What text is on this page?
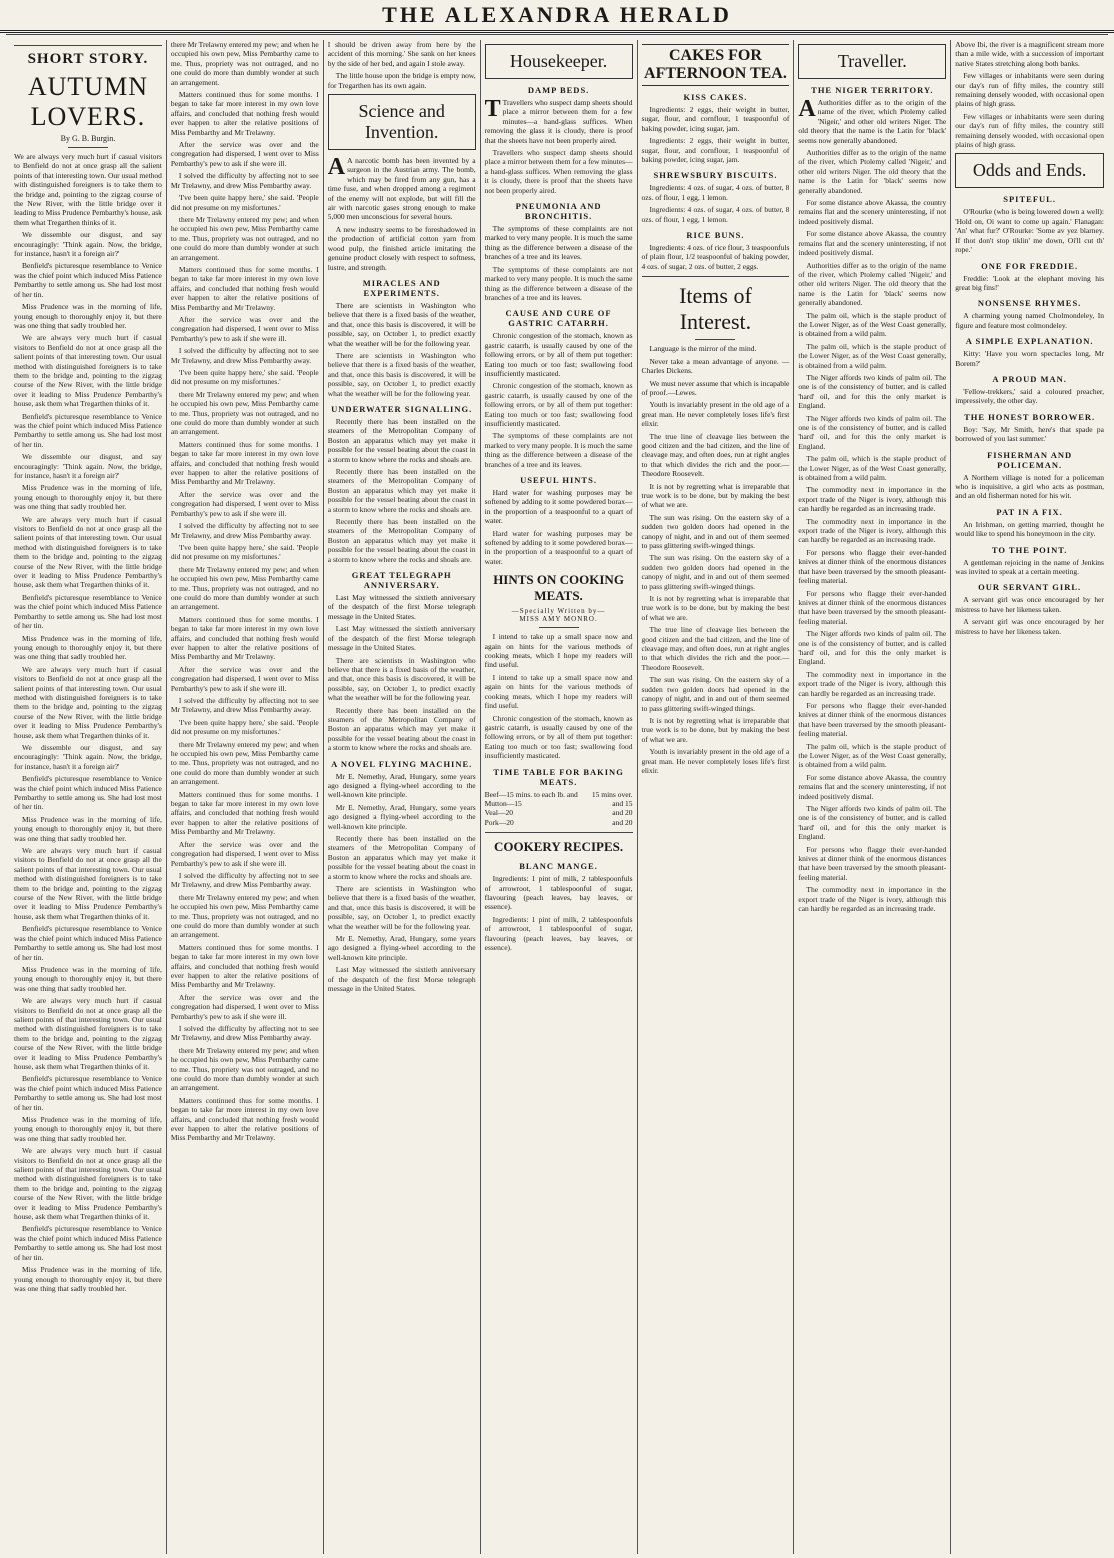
THE ALEXANDRA HERALD
SHORT STORY.
AUTUMN LOVERS.
By G. B. Burgin.

We are always very much hurt if casual visitors to Benfield do not at once grasp all the salient points of that interesting town. Our usual method with distinguished foreigners is to take them to the bridge and, pointing to the zigzag course of the New River, with the little bridge over it leading to Miss Prudence Pembarthy's house, ask them what Tregarthen thinks of it.

We dissemble our disgust, and say encouragingly: 'Think again. Now, the bridge, for instance, hasn't it a foreign air?'

Benfield's picturesque resemblance to Venice was the chief point which induced Miss Patience Pembarthy to settle among us. She had lost most of her tin.

Miss Prudence was in the morning of life, young enough to thoroughly enjoy it, but there was one thing that sadly troubled her.

We are always very much hurt if casual visitors to Benfield do not at once grasp all the salient points of that interesting town. Our usual method with distinguished foreigners is to take them to the bridge and, pointing to the zigzag course of the New River, with the little bridge over it leading to Miss Prudence Pembarthy's house, ask them what Tregarthen thinks of it.

Benfield's picturesque resemblance to Venice was the chief point which induced Miss Patience Pembarthy to settle among us. She had lost most of her tin.

We dissemble our disgust, and say encouragingly: 'Think again. Now, the bridge, for instance, hasn't it a foreign air?'

Miss Prudence was in the morning of life, young enough to thoroughly enjoy it, but there was one thing that sadly troubled her.

We are always very much hurt if casual visitors to Benfield do not at once grasp all the salient points of that interesting town. Our usual method with distinguished foreigners is to take them to the bridge and, pointing to the zigzag course of the New River, with the little bridge over it leading to Miss Prudence Pembarthy's house, ask them what Tregarthen thinks of it.

Benfield's picturesque resemblance to Venice was the chief point which induced Miss Patience Pembarthy to settle among us. She had lost most of her tin.

Miss Prudence was in the morning of life, young enough to thoroughly enjoy it, but there was one thing that sadly troubled her.

We are always very much hurt if casual visitors to Benfield do not at once grasp all the salient points of that interesting town. Our usual method with distinguished foreigners is to take them to the bridge and, pointing to the zigzag course of the New River, with the little bridge over it leading to Miss Prudence Pembarthy's house, ask them what Tregarthen thinks of it.

We dissemble our disgust, and say encouragingly: 'Think again. Now, the bridge, for instance, hasn't it a foreign air?'

Benfield's picturesque resemblance to Venice was the chief point which induced Miss Patience Pembarthy to settle among us. She had lost most of her tin.

Miss Prudence was in the morning of life, young enough to thoroughly enjoy it, but there was one thing that sadly troubled her.

We are always very much hurt if casual visitors to Benfield do not at once grasp all the salient points of that interesting town. Our usual method with distinguished foreigners is to take them to the bridge and, pointing to the zigzag course of the New River, with the little bridge over it leading to Miss Prudence Pembarthy's house, ask them what Tregarthen thinks of it.

Benfield's picturesque resemblance to Venice was the chief point which induced Miss Patience Pembarthy to settle among us. She had lost most of her tin.

Miss Prudence was in the morning of life, young enough to thoroughly enjoy it, but there was one thing that sadly troubled her.

We are always very much hurt if casual visitors to Benfield do not at once grasp all the salient points of that interesting town. Our usual method with distinguished foreigners is to take them to the bridge and, pointing to the zigzag course of the New River, with the little bridge over it leading to Miss Prudence Pembarthy's house, ask them what Tregarthen thinks of it.

Benfield's picturesque resemblance to Venice was the chief point which induced Miss Patience Pembarthy to settle among us. She had lost most of her tin.

Miss Prudence was in the morning of life, young enough to thoroughly enjoy it, but there was one thing that sadly troubled her.

We are always very much hurt if casual visitors to Benfield do not at once grasp all the salient points of that interesting town. Our usual method with distinguished foreigners is to take them to the bridge and, pointing to the zigzag course of the New River, with the little bridge over it leading to Miss Prudence Pembarthy's house, ask them what Tregarthen thinks of it.

Benfield's picturesque resemblance to Venice was the chief point which induced Miss Patience Pembarthy to settle among us. She had lost most of her tin.

Miss Prudence was in the morning of life, young enough to thoroughly enjoy it, but there was one thing that sadly troubled her.

there Mr Trelawny entered my pew; and when he occupied his own pew, Miss Pembarthy came to me. Thus, propriety was not outraged, and no one could do more than dumbly wonder at such an arrangement.

Matters continued thus for some months. I began to take far more interest in my own love affairs, and concluded that nothing fresh would ever happen to alter the relative positions of Miss Pembarthy and Mr Trelawny.

After the service was over and the congregation had dispersed, I went over to Miss Pembarthy's pew to ask if she were ill.

I solved the difficulty by affecting not to see Mr Trelawny, and drew Miss Pembarthy away.

'I've been quite happy here,' she said. 'People did not presume on my misfortunes.'

there Mr Trelawny entered my pew; and when he occupied his own pew, Miss Pembarthy came to me. Thus, propriety was not outraged, and no one could do more than dumbly wonder at such an arrangement.

Matters continued thus for some months. I began to take far more interest in my own love affairs, and concluded that nothing fresh would ever happen to alter the relative positions of Miss Pembarthy and Mr Trelawny.

After the service was over and the congregation had dispersed, I went over to Miss Pembarthy's pew to ask if she were ill.

I solved the difficulty by affecting not to see Mr Trelawny, and drew Miss Pembarthy away.

'I've been quite happy here,' she said. 'People did not presume on my misfortunes.'

there Mr Trelawny entered my pew; and when he occupied his own pew, Miss Pembarthy came to me. Thus, propriety was not outraged, and no one could do more than dumbly wonder at such an arrangement.

Matters continued thus for some months. I began to take far more interest in my own love affairs, and concluded that nothing fresh would ever happen to alter the relative positions of Miss Pembarthy and Mr Trelawny.

After the service was over and the congregation had dispersed, I went over to Miss Pembarthy's pew to ask if she were ill.

I solved the difficulty by affecting not to see Mr Trelawny, and drew Miss Pembarthy away.

'I've been quite happy here,' she said. 'People did not presume on my misfortunes.'

there Mr Trelawny entered my pew; and when he occupied his own pew, Miss Pembarthy came to me. Thus, propriety was not outraged, and no one could do more than dumbly wonder at such an arrangement.

Matters continued thus for some months. I began to take far more interest in my own love affairs, and concluded that nothing fresh would ever happen to alter the relative positions of Miss Pembarthy and Mr Trelawny.

After the service was over and the congregation had dispersed, I went over to Miss Pembarthy's pew to ask if she were ill.

I solved the difficulty by affecting not to see Mr Trelawny, and drew Miss Pembarthy away.

'I've been quite happy here,' she said. 'People did not presume on my misfortunes.'

there Mr Trelawny entered my pew; and when he occupied his own pew, Miss Pembarthy came to me. Thus, propriety was not outraged, and no one could do more than dumbly wonder at such an arrangement.

Matters continued thus for some months. I began to take far more interest in my own love affairs, and concluded that nothing fresh would ever happen to alter the relative positions of Miss Pembarthy and Mr Trelawny.

After the service was over and the congregation had dispersed, I went over to Miss Pembarthy's pew to ask if she were ill.

I solved the difficulty by affecting not to see Mr Trelawny, and drew Miss Pembarthy away.

there Mr Trelawny entered my pew; and when he occupied his own pew, Miss Pembarthy came to me. Thus, propriety was not outraged, and no one could do more than dumbly wonder at such an arrangement.

Matters continued thus for some months. I began to take far more interest in my own love affairs, and concluded that nothing fresh would ever happen to alter the relative positions of Miss Pembarthy and Mr Trelawny.

After the service was over and the congregation had dispersed, I went over to Miss Pembarthy's pew to ask if she were ill.

I solved the difficulty by affecting not to see Mr Trelawny, and drew Miss Pembarthy away.

there Mr Trelawny entered my pew; and when he occupied his own pew, Miss Pembarthy came to me. Thus, propriety was not outraged, and no one could do more than dumbly wonder at such an arrangement.

Matters continued thus for some months. I began to take far more interest in my own love affairs, and concluded that nothing fresh would ever happen to alter the relative positions of Miss Pembarthy and Mr Trelawny.

I should be driven away from here by the accident of this morning.' She sank on her knees by the side of her bed, and again I stole away.

The little house upon the bridge is empty now, for Tregarthen has its own again.

Science and Invention.

A A narcotic bomb has been invented by a surgeon in the Austrian army. The bomb, which may be fired from any gun, has a time fuse, and when dropped among a regiment of the enemy will not explode, but will fill the air with narcotic gases strong enough to make 5,000 men unconscious for several hours.

A new industry seems to be foreshadowed in the production of artificial cotton yarn from wood pulp, the finished article imitating the genuine product closely with respect to softness, lustre, and strength.

MIRACLES AND EXPERIMENTS.

There are scientists in Washington who believe that there is a fixed basis of the weather, and that, once this basis is discovered, it will be possible, say, on October 1, to predict exactly what the weather will be for the following year.

There are scientists in Washington who believe that there is a fixed basis of the weather, and that, once this basis is discovered, it will be possible, say, on October 1, to predict exactly what the weather will be for the following year.

UNDERWATER SIGNALLING.

Recently there has been installed on the steamers of the Metropolitan Company of Boston an apparatus which may yet make it possible for the vessel beating about the coast in a storm to know where the rocks and shoals are.

Recently there has been installed on the steamers of the Metropolitan Company of Boston an apparatus which may yet make it possible for the vessel beating about the coast in a storm to know where the rocks and shoals are.

Recently there has been installed on the steamers of the Metropolitan Company of Boston an apparatus which may yet make it possible for the vessel beating about the coast in a storm to know where the rocks and shoals are.

GREAT TELEGRAPH ANNIVERSARY.

Last May witnessed the sixtieth anniversary of the despatch of the first Morse telegraph message in the United States.

Last May witnessed the sixtieth anniversary of the despatch of the first Morse telegraph message in the United States.

There are scientists in Washington who believe that there is a fixed basis of the weather, and that, once this basis is discovered, it will be possible, say, on October 1, to predict exactly what the weather will be for the following year.

Recently there has been installed on the steamers of the Metropolitan Company of Boston an apparatus which may yet make it possible for the vessel beating about the coast in a storm to know where the rocks and shoals are.

A NOVEL FLYING MACHINE.

Mr E. Nemethy, Arad, Hungary, some years ago designed a flying-wheel according to the well-known kite principle.

Mr E. Nemethy, Arad, Hungary, some years ago designed a flying-wheel according to the well-known kite principle.

Recently there has been installed on the steamers of the Metropolitan Company of Boston an apparatus which may yet make it possible for the vessel beating about the coast in a storm to know where the rocks and shoals are.

There are scientists in Washington who believe that there is a fixed basis of the weather, and that, once this basis is discovered, it will be possible, say, on October 1, to predict exactly what the weather will be for the following year.

Mr E. Nemethy, Arad, Hungary, some years ago designed a flying-wheel according to the well-known kite principle.

Last May witnessed the sixtieth anniversary of the despatch of the first Morse telegraph message in the United States.

Housekeeper.
DAMP BEDS.

T Travellers who suspect damp sheets should place a mirror between them for a few minutes—a hand-glass suffices. When removing the glass it is cloudy, there is proof that the sheets have not been properly aired.

Travellers who suspect damp sheets should place a mirror between them for a few minutes—a hand-glass suffices. When removing the glass it is cloudy, there is proof that the sheets have not been properly aired.

PNEUMONIA AND BRONCHITIS.

The symptoms of these complaints are not marked to very many people. It is much the same thing as the difference between a disease of the branches of a tree and its leaves.

The symptoms of these complaints are not marked to very many people. It is much the same thing as the difference between a disease of the branches of a tree and its leaves.

CAUSE AND CURE OF GASTRIC CATARRH.

Chronic congestion of the stomach, known as gastric catarrh, is usually caused by one of the following errors, or by all of them put together: Eating too much or too fast; swallowing food insufficiently masticated.

Chronic congestion of the stomach, known as gastric catarrh, is usually caused by one of the following errors, or by all of them put together: Eating too much or too fast; swallowing food insufficiently masticated.

The symptoms of these complaints are not marked to very many people. It is much the same thing as the difference between a disease of the branches of a tree and its leaves.

USEFUL HINTS.

Hard water for washing purposes may be softened by adding to it some powdered borax—in the proportion of a teaspoonful to a quart of water.

Hard water for washing purposes may be softened by adding to it some powdered borax—in the proportion of a teaspoonful to a quart of water.

HINTS ON COOKING MEATS.
—Specially Written by—
MISS AMY MONRO.

I intend to take up a small space now and again on hints for the various methods of cooking meats, which I hope my readers will find useful.

I intend to take up a small space now and again on hints for the various methods of cooking meats, which I hope my readers will find useful.

Chronic congestion of the stomach, known as gastric catarrh, is usually caused by one of the following errors, or by all of them put together: Eating too much or too fast; swallowing food insufficiently masticated.

TIME TABLE FOR BAKING MEATS.
Beef—15 mins. to each lb. and 15 mins over.
Mutton—15	and 15
Veal—20	and 20
Pork—20	and 20
COOKERY RECIPES.
BLANC MANGE.

Ingredients: 1 pint of milk, 2 tablespoonfuls of arrowroot, 1 tablespoonful of sugar, flavouring (peach leaves, bay leaves, or essence).

Ingredients: 1 pint of milk, 2 tablespoonfuls of arrowroot, 1 tablespoonful of sugar, flavouring (peach leaves, bay leaves, or essence).

CAKES FOR AFTERNOON TEA.
KISS CAKES.

Ingredients: 2 eggs, their weight in butter, sugar, flour, and cornflour, 1 teaspoonful of baking powder, icing sugar, jam.

Ingredients: 2 eggs, their weight in butter, sugar, flour, and cornflour, 1 teaspoonful of baking powder, icing sugar, jam.

SHREWSBURY BISCUITS.

Ingredients: 4 ozs. of sugar, 4 ozs. of butter, 8 ozs. of flour, 1 egg, 1 lemon.

Ingredients: 4 ozs. of sugar, 4 ozs. of butter, 8 ozs. of flour, 1 egg, 1 lemon.

RICE BUNS.

Ingredients: 4 ozs. of rice flour, 3 teaspoonfuls of plain flour, 1/2 teaspoonful of baking powder, 4 ozs. of sugar, 2 ozs. of butter, 2 eggs.

Items of Interest.

Language is the mirror of the mind.

Never take a mean advantage of anyone. —Charles Dickens.

We must never assume that which is incapable of proof.—Lewes.

Youth is invariably present in the old age of a great man. He never completely loses life's first elixir.

The true line of cleavage lies between the good citizen and the bad citizen, and the line of cleavage may, and often does, run at right angles to that which divides the rich and the poor.—Theodore Roosevelt.

It is not by regretting what is irreparable that true work is to be done, but by making the best of what we are.

The sun was rising. On the eastern sky of a sudden two golden doors had opened in the canopy of night, and in and out of them seemed to pass glittering swift-winged things.

The sun was rising. On the eastern sky of a sudden two golden doors had opened in the canopy of night, and in and out of them seemed to pass glittering swift-winged things.

It is not by regretting what is irreparable that true work is to be done, but by making the best of what we are.

The true line of cleavage lies between the good citizen and the bad citizen, and the line of cleavage may, and often does, run at right angles to that which divides the rich and the poor.—Theodore Roosevelt.

The sun was rising. On the eastern sky of a sudden two golden doors had opened in the canopy of night, and in and out of them seemed to pass glittering swift-winged things.

It is not by regretting what is irreparable that true work is to be done, but by making the best of what we are.

Youth is invariably present in the old age of a great man. He never completely loses life's first elixir.

Traveller.
THE NIGER TERRITORY.

A Authorities differ as to the origin of the name of the river, which Ptolemy called 'Nigeir,' and other old writers Niger. The old theory that the name is the Latin for 'black' seems now generally abandoned.

Authorities differ as to the origin of the name of the river, which Ptolemy called 'Nigeir,' and other old writers Niger. The old theory that the name is the Latin for 'black' seems now generally abandoned.

For some distance above Akassa, the country remains flat and the scenery uninteresting, if not indeed positively dismal.

For some distance above Akassa, the country remains flat and the scenery uninteresting, if not indeed positively dismal.

Authorities differ as to the origin of the name of the river, which Ptolemy called 'Nigeir,' and other old writers Niger. The old theory that the name is the Latin for 'black' seems now generally abandoned.

The palm oil, which is the staple product of the Lower Niger, as of the West Coast generally, is obtained from a wild palm.

The palm oil, which is the staple product of the Lower Niger, as of the West Coast generally, is obtained from a wild palm.

The Niger affords two kinds of palm oil. The one is of the consistency of butter, and is called 'hard' oil, and for this the only market is England.

The Niger affords two kinds of palm oil. The one is of the consistency of butter, and is called 'hard' oil, and for this the only market is England.

The palm oil, which is the staple product of the Lower Niger, as of the West Coast generally, is obtained from a wild palm.

The commodity next in importance in the export trade of the Niger is ivory, although this can hardly be regarded as an increasing trade.

The commodity next in importance in the export trade of the Niger is ivory, although this can hardly be regarded as an increasing trade.

For persons who flagge their ever-handed knives at dinner think of the enormous distances that have been traversed by the smooth pleasant-feeling material.

For persons who flagge their ever-handed knives at dinner think of the enormous distances that have been traversed by the smooth pleasant-feeling material.

The Niger affords two kinds of palm oil. The one is of the consistency of butter, and is called 'hard' oil, and for this the only market is England.

The commodity next in importance in the export trade of the Niger is ivory, although this can hardly be regarded as an increasing trade.

For persons who flagge their ever-handed knives at dinner think of the enormous distances that have been traversed by the smooth pleasant-feeling material.

The palm oil, which is the staple product of the Lower Niger, as of the West Coast generally, is obtained from a wild palm.

For some distance above Akassa, the country remains flat and the scenery uninteresting, if not indeed positively dismal.

The Niger affords two kinds of palm oil. The one is of the consistency of butter, and is called 'hard' oil, and for this the only market is England.

For persons who flagge their ever-handed knives at dinner think of the enormous distances that have been traversed by the smooth pleasant-feeling material.

The commodity next in importance in the export trade of the Niger is ivory, although this can hardly be regarded as an increasing trade.

Above Ibi, the river is a magnificent stream more than a mile wide, with a succession of important native States stretching along both banks.

Few villages or inhabitants were seen during our day's run of fifty miles, the country still remaining densely wooded, with occasional open plains of high grass.

Few villages or inhabitants were seen during our day's run of fifty miles, the country still remaining densely wooded, with occasional open plains of high grass.

Odds and Ends.
SPITEFUL.

O'Rourke (who is being lowered down a well): 'Hold on, Oi want to come up again.' Flanagan: 'An' what fur?' O'Rourke: 'Some av yez blarney. If thot don't stop tiklin' me down, Oi'll cut th' rope.'

ONE FOR FREDDIE.

Freddie: 'Look at the elephant moving his great big fins!'

NONSENSE RHYMES.

A charming young named Cholmondeley, In figure and feature most colmondeley.

A SIMPLE EXPLANATION.

Kitty: 'Have you worn spectacles long, Mr Borem?'

A PROUD MAN.

'Fellow-trekkers,' said a coloured preacher, impressively, the other day.

THE HONEST BORROWER.

Boy: 'Say, Mr Smith, here's that spade pa borrowed of you last summer.'

FISHERMAN AND POLICEMAN.

A Northern village is noted for a policeman who is inquisitive, a girl who acts as postman, and an old fisherman noted for his wit.

PAT IN A FIX.

An Irishman, on getting married, thought he would like to spend his honeymoon in the city.

TO THE POINT.

A gentleman rejoicing in the name of Jenkins was invited to speak at a certain meeting.

OUR SERVANT GIRL.

A servant girl was once encouraged by her mistress to have her likeness taken.

A servant girl was once encouraged by her mistress to have her likeness taken.
